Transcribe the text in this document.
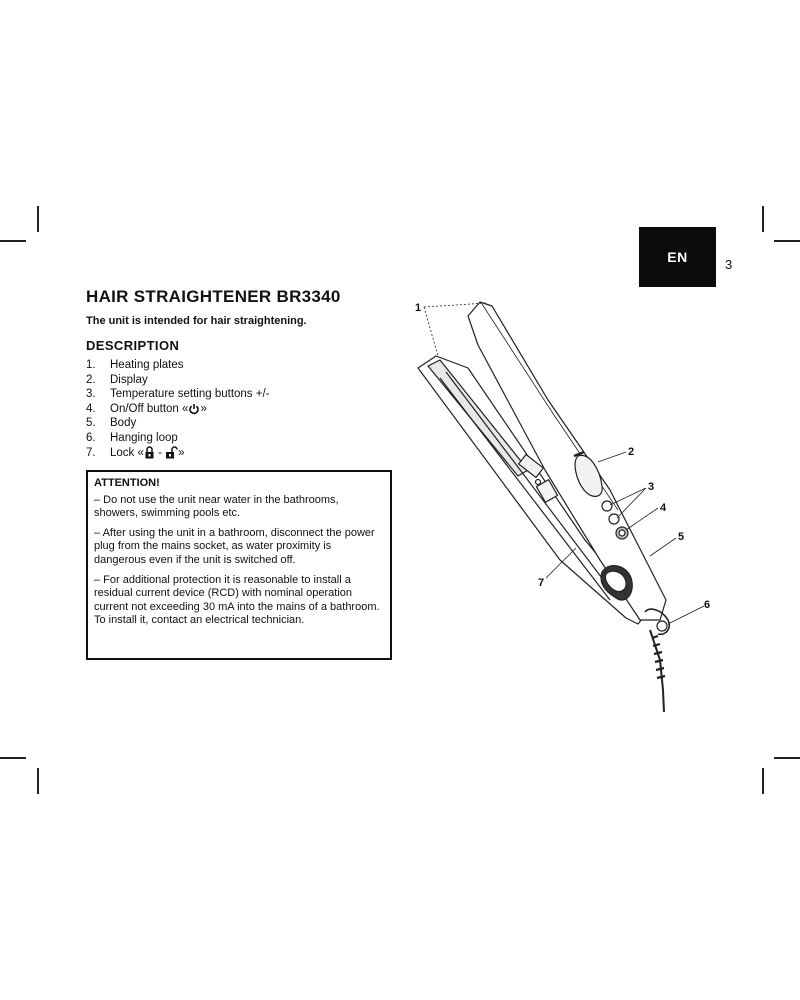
EN	3
HAIR STRAIGHTENER BR3340
The unit is intended for hair straightening.
DESCRIPTION
1.	Heating plates
2.	Display
3.	Temperature setting buttons +/-
4.	On/Off button « »
5.	Body
6.	Hanging loop
7.	Lock « - »
ATTENTION!

– Do not use the unit near water in the bathrooms, showers, swimming pools etc.

– After using the unit in a bathroom, disconnect the power plug from the mains socket, as water proximity is dangerous even if the unit is switched off.

– For additional protection it is reasonable to install a residual current device (RCD) with nominal operation current not exceeding 30 mA into the mains of a bathroom. To install it, contact an electrical technician.

1
2
3
4
5
6
7
